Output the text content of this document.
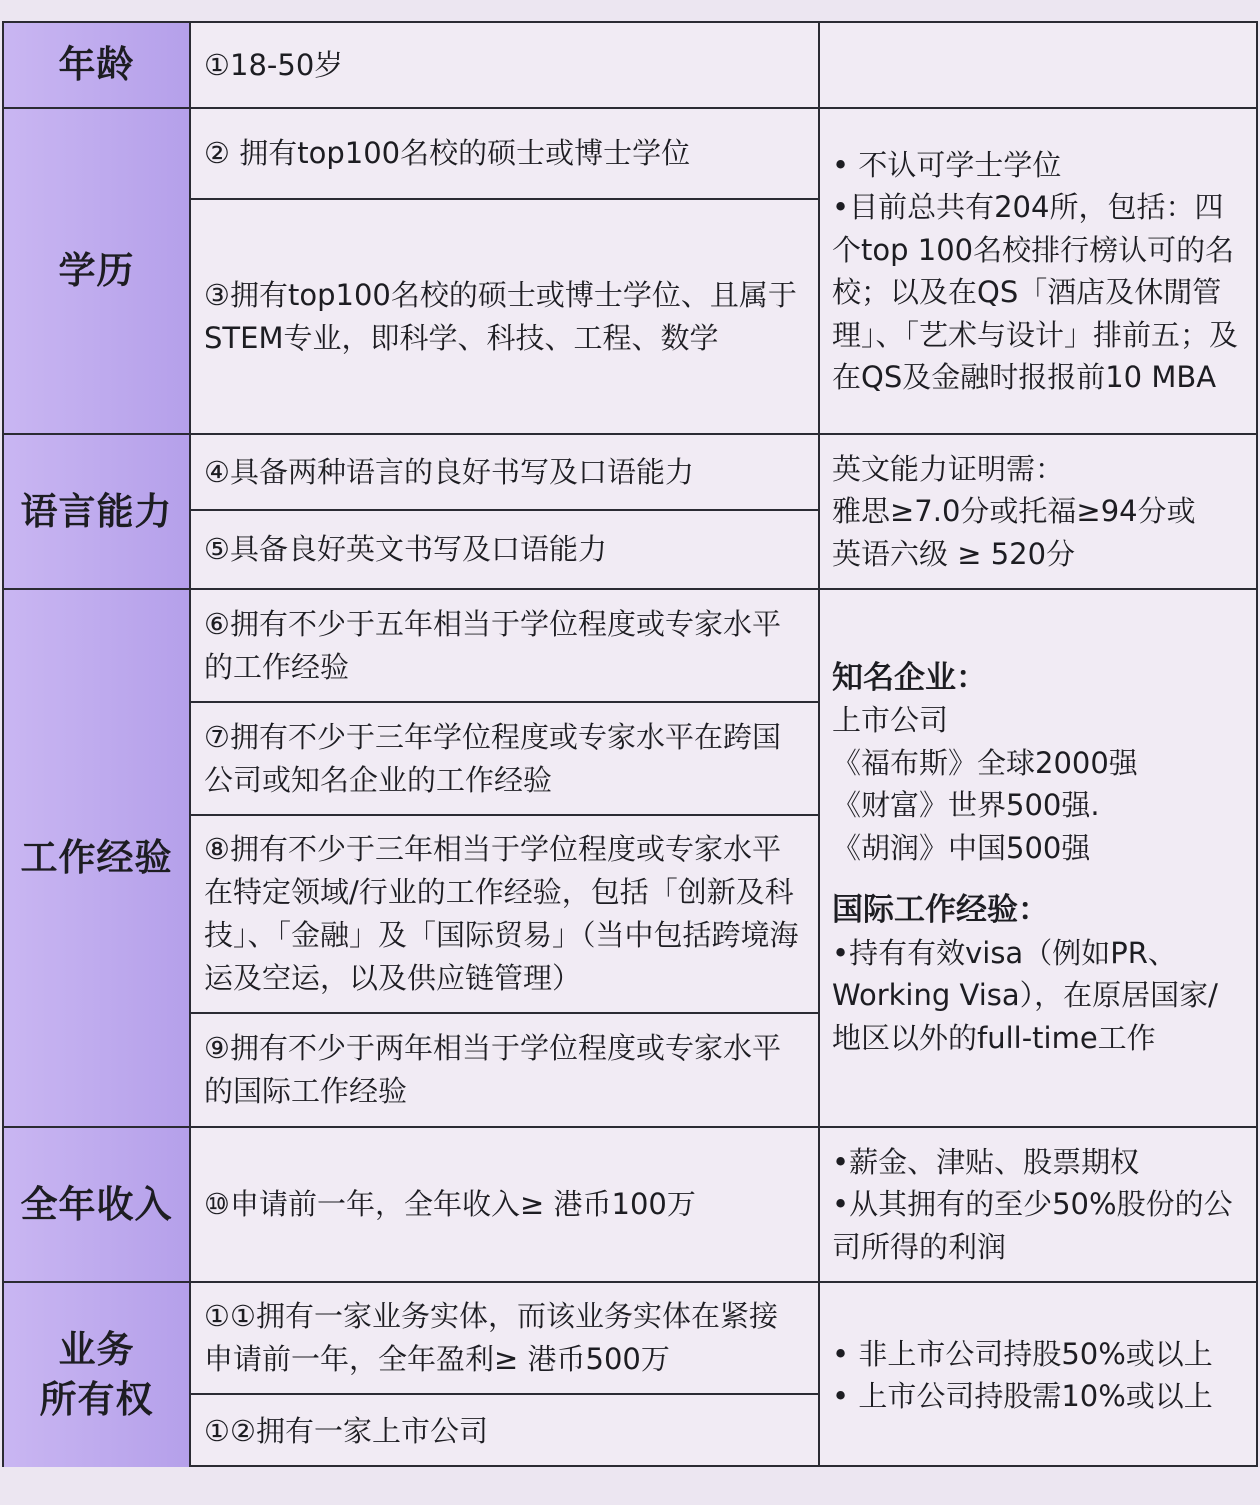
年龄	①18-50岁
学历
② 拥有top100名校的硕士或博士学位
③拥有top100名校的硕士或博士学位、且属于STEM专业，即科学、科技、工程、数学
• 不认可学士学位
•目前总共有204所，包括：四个top 100名校排行榜认可的名校；以及在QS「酒店及休閒管理」、「艺术与设计」排前五；及在QS及金融时报报前10 MBA
语言能力
④具备两种语言的良好书写及口语能力
⑤具备良好英文书写及口语能力
英文能力证明需：
雅思≥7.0分或托福≥94分或
英语六级 ≥ 520分
工作经验
⑥拥有不少于五年相当于学位程度或专家水平的工作经验
⑦拥有不少于三年学位程度或专家水平在跨国公司或知名企业的工作经验
⑧拥有不少于三年相当于学位程度或专家水平在特定领域/行业的工作经验，包括「创新及科技」、「金融」及「国际贸易」（当中包括跨境海运及空运，以及供应链管理）
⑨拥有不少于两年相当于学位程度或专家水平的国际工作经验
知名企业：
上市公司
《福布斯》全球2000强
《财富》世界500强.
《胡润》中国500强
国际工作经验：
•持有有效visa（例如PR、Working Visa），在原居国家/地区以外的full-time工作
全年收入	⑩申请前一年，全年收入≥ 港币100万
•薪金、津贴、股票期权
•从其拥有的至少50%股份的公司所得的利润
业务
所有权
①①拥有一家业务实体，而该业务实体在紧接申请前一年，全年盈利≥ 港币500万
①②拥有一家上市公司
• 非上市公司持股50%或以上
• 上市公司持股需10%或以上
